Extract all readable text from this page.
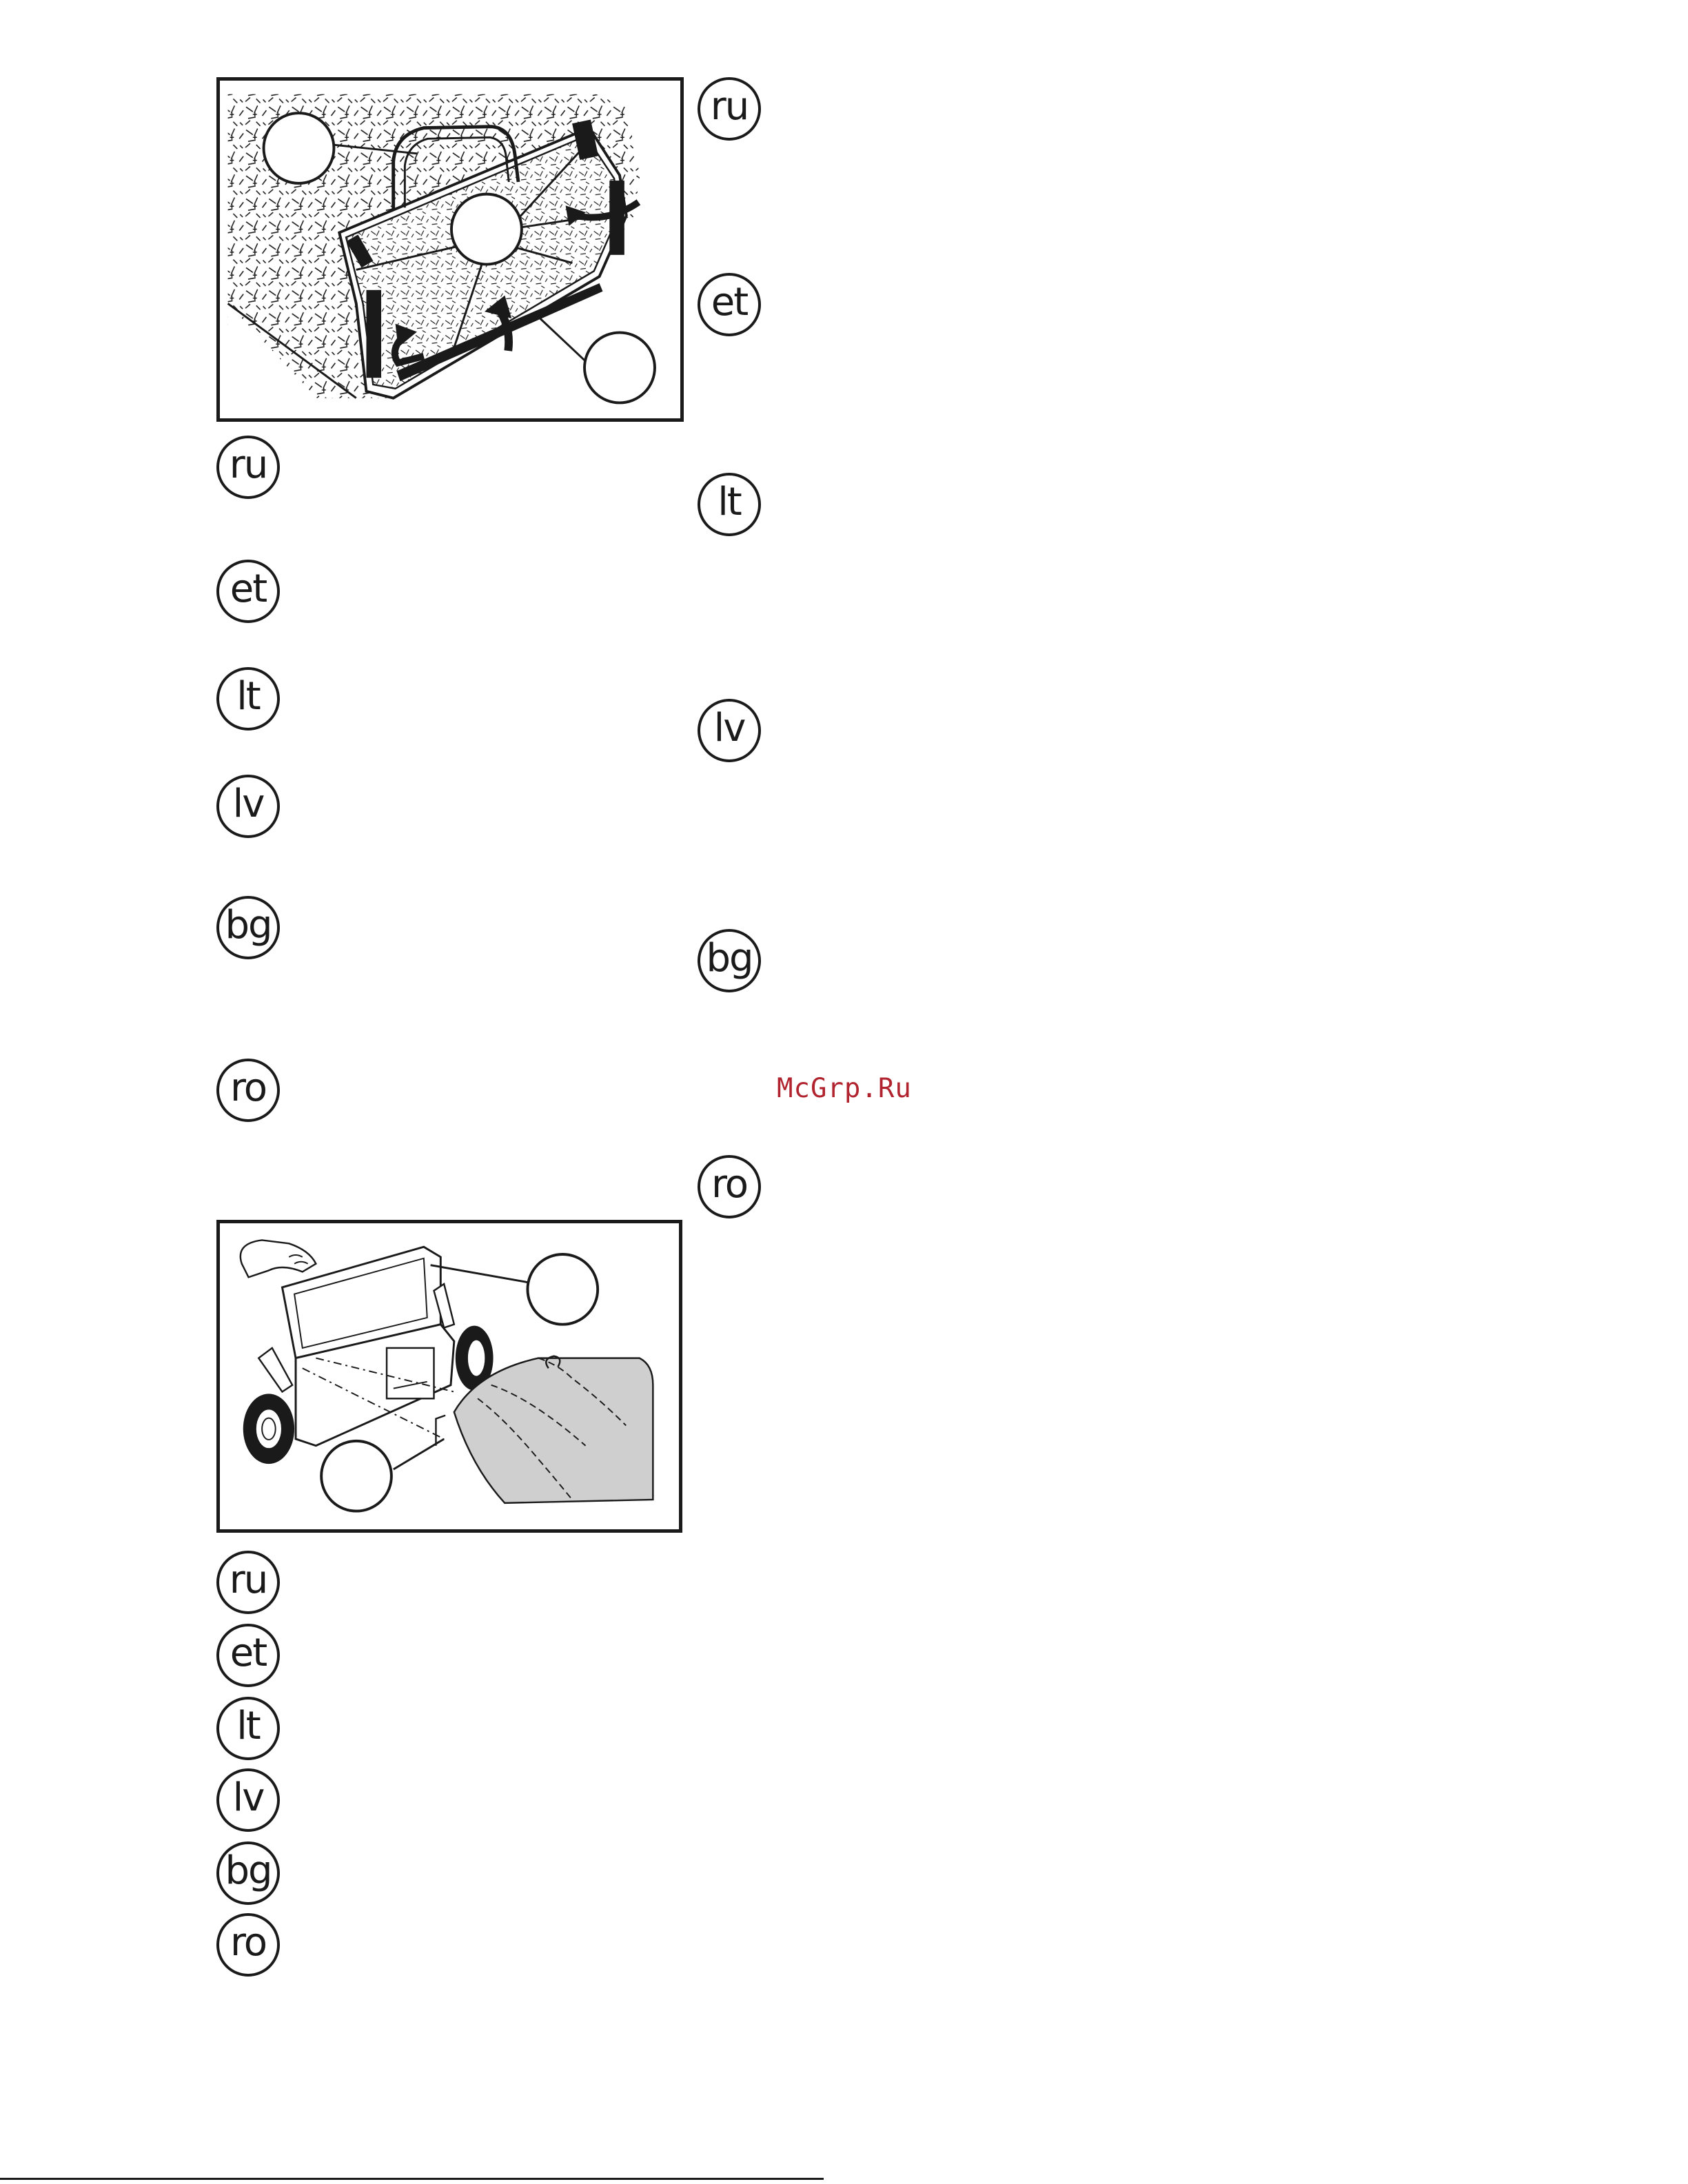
ru
et
lt
lv
bg
ro
ru
et
lt
lv
bg
ro
ru
et
lt
lv
bg
ro
McGrp.Ru
